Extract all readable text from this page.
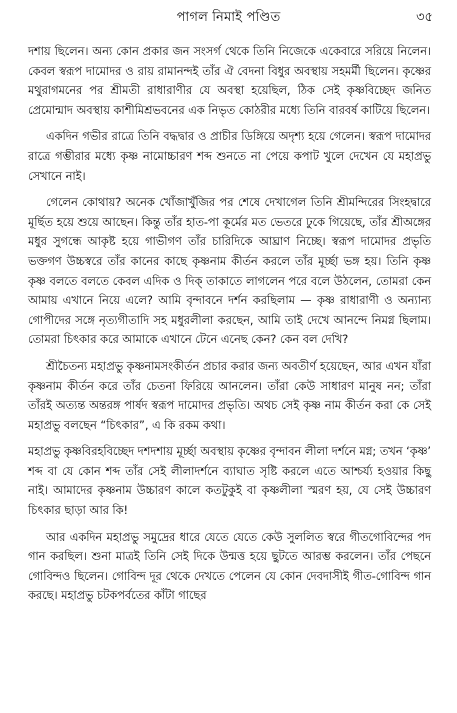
পাগল নিমাই পণ্ডিত	৩৫

দশায় ছিলেন। অন্য কোন প্রকার জন সংসর্গ থেকে তিনি নিজেকে একেবারে সরিয়ে নিলেন। কেবল স্বরূপ দামোদর ও রায় রামানন্দই তাঁর ঐ বেদনা বিধুর অবস্থায় সহমর্মী ছিলেন। কৃষ্ণের মথুরাগমনের পর শ্রীমতী রাধারাণীর যে অবস্থা হয়েছিল, ঠিক সেই কৃষ্ণবিচ্ছেদ জনিত প্রেমোন্মাদ অবস্থায় কাশীমিশ্রভবনের এক নিভৃত কোঠরীর মধ্যে তিনি বারবর্ষ কাটিয়ে ছিলেন।

একদিন গভীর রাত্রে তিনি বদ্ধদ্বার ও প্রাচীর ডিঙ্গিয়ে অদৃশ্য হয়ে গেলেন। স্বরূপ দামোদর রাত্রে গম্ভীরার মধ্যে কৃষ্ণ নামোচ্চারণ শব্দ শুনতে না পেয়ে কপাট খুলে দেখেন যে মহাপ্রভু সেখানে নাই।

গেলেন কোথায়? অনেক খোঁজাখুঁজির পর শেষে দেখাগেল তিনি শ্রীমন্দিরের সিংহদ্বারে মূর্ছিত হয়ে শুয়ে আছেন। কিন্তু তাঁর হাত-পা কূর্মের মত ভেতরে ঢুকে গিয়েছে, তাঁর শ্রীঅঙ্গের মধুর সুগন্ধে আকৃষ্ট হয়ে গাভীগণ তাঁর চারিদিকে আঘ্রাণ নিচ্ছে। স্বরূপ দামোদর প্রভৃতি ভক্তগণ উচ্চস্বরে তাঁর কানের কাছে কৃষ্ণনাম কীর্তন করলে তাঁর মূর্চ্ছা ভঙ্গ হয়। তিনি কৃষ্ণ কৃষ্ণ বলতে বলতে কেবল এদিক ও দিক্ তাকাতে লাগলেন পরে বলে উঠলেন, তোমরা কেন আমায় এখানে নিয়ে এলে? আমি বৃন্দাবনে দর্শন করছিলাম — কৃষ্ণ রাধারাণী ও অন্যান্য গোপীদের সঙ্গে নৃত্যগীতাদি সহ মধুরলীলা করছেন, আমি তাই দেখে আনন্দে নিমগ্ন ছিলাম। তোমরা চিৎকার করে আমাকে এখানে টেনে এনেছ কেন? কেন বল দেখি?

শ্রীচৈতন্য মহাপ্রভু কৃষ্ণনামসংকীর্তন প্রচার করার জন্য অবতীর্ণ হয়েছেন, আর এখন যাঁরা কৃষ্ণনাম কীর্তন করে তাঁর চেতনা ফিরিয়ে আনলেন। তাঁরা কেউ সাধারণ মানুষ নন; তাঁরা তাঁরই অত্যন্ত অন্তরঙ্গ পার্ষদ স্বরূপ দামোদর প্রভৃতি। অথচ সেই কৃষ্ণ নাম কীর্তন করা কে সেই মহাপ্রভু বলছেন “চিৎকার”, এ কি রকম কথা।

মহাপ্রভু কৃষ্ণবিরহবিচ্ছেদ দশদশায় মূর্চ্ছা অবস্থায় কৃষ্ণের বৃন্দাবন লীলা দর্শনে মগ্ন; তখন ‘কৃষ্ণ’ শব্দ বা যে কোন শব্দ তাঁর সেই লীলাদর্শনে ব্যাঘাত সৃষ্টি করলে এতে আশ্চর্য্য হওয়ার কিছু নাই। আমাদের কৃষ্ণনাম উচ্চারণ কালে কতটুকুই বা কৃষ্ণলীলা স্মরণ হয়, যে সেই উচ্চারণ চিৎকার ছাড়া আর কি!

আর একদিন মহাপ্রভু সমুদ্রের ধারে যেতে যেতে কেউ সুললিত স্বরে গীতগোবিন্দের পদ গান করছিল। শুনা মাত্রই তিনি সেই দিকে উন্মত্ত হয়ে ছুটতে আরম্ভ করলেন। তাঁর পেছনে গোবিন্দও ছিলেন। গোবিন্দ দূর থেকে দেখতে পেলেন যে কোন দেবদাসীই গীত-গোবিন্দ গান করছে। মহাপ্রভু চটকপর্বতের কাঁটা গাছের
